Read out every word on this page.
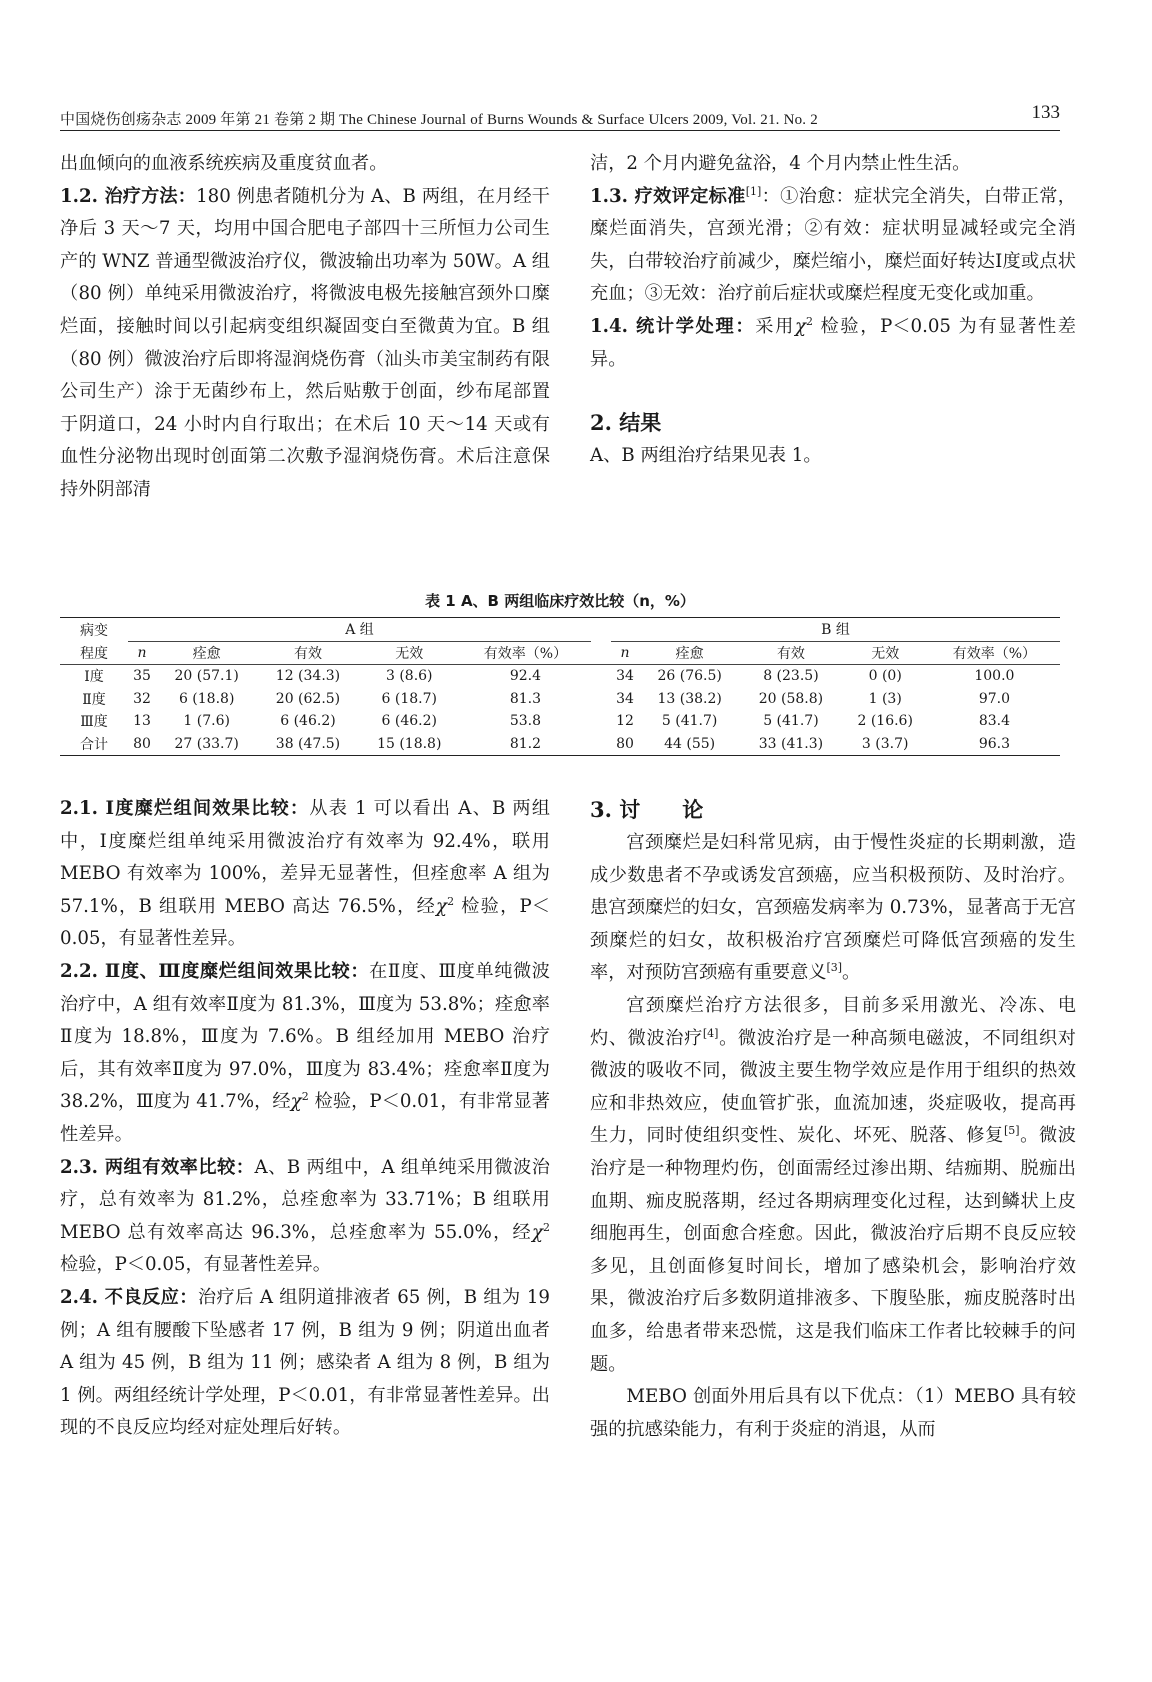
中国烧伤创疡杂志 2009 年第 21 卷第 2 期 The Chinese Journal of Burns Wounds & Surface Ulcers 2009, Vol. 21. No. 2	133

出血倾向的血液系统疾病及重度贫血者。

1.2. 治疗方法：180 例患者随机分为 A、B 两组，在月经干净后 3 天～7 天，均用中国合肥电子部四十三所恒力公司生产的 WNZ 普通型微波治疗仪，微波输出功率为 50W。A 组（80 例）单纯采用微波治疗，将微波电极先接触宫颈外口糜烂面，接触时间以引起病变组织凝固变白至微黄为宜。B 组（80 例）微波治疗后即将湿润烧伤膏（汕头市美宝制药有限公司生产）涂于无菌纱布上，然后贴敷于创面，纱布尾部置于阴道口，24 小时内自行取出；在术后 10 天～14 天或有血性分泌物出现时创面第二次敷予湿润烧伤膏。术后注意保持外阴部清

洁，2 个月内避免盆浴，4 个月内禁止性生活。

1.3. 疗效评定标准[1]：①治愈：症状完全消失，白带正常，糜烂面消失，宫颈光滑；②有效：症状明显减轻或完全消失，白带较治疗前减少，糜烂缩小，糜烂面好转达Ⅰ度或点状充血；③无效：治疗前后症状或糜烂程度无变化或加重。

1.4. 统计学处理：采用$\chi^2$ 检验，P＜0.05 为有显著性差异。

2. 结果

A、B 两组治疗结果见表 1。

表 1 A、B 两组临床疗效比较（n，%）
病变	A 组						B 组				
程度	n	痊愈	有效	无效	有效率（%）		n	痊愈	有效	无效	有效率（%）
Ⅰ度	35	20 (57.1)	12 (34.3)	3 (8.6)	92.4		34	26 (76.5)	8 (23.5)	0 (0)	100.0
Ⅱ度	32	6 (18.8)	20 (62.5)	6 (18.7)	81.3		34	13 (38.2)	20 (58.8)	1 (3)	97.0
Ⅲ度	13	1 (7.6)	6 (46.2)	6 (46.2)	53.8		12	5 (41.7)	5 (41.7)	2 (16.6)	83.4
合计	80	27 (33.7)	38 (47.5)	15 (18.8)	81.2		80	44 (55)	33 (41.3)	3 (3.7)	96.3

2.1. Ⅰ度糜烂组间效果比较：从表 1 可以看出 A、B 两组中，Ⅰ度糜烂组单纯采用微波治疗有效率为 92.4%，联用 MEBO 有效率为 100%，差异无显著性，但痊愈率 A 组为 57.1%，B 组联用 MEBO 高达 76.5%，经$\chi^2$ 检验，P＜0.05，有显著性差异。

2.2. Ⅱ度、Ⅲ度糜烂组间效果比较：在Ⅱ度、Ⅲ度单纯微波治疗中，A 组有效率Ⅱ度为 81.3%，Ⅲ度为 53.8%；痊愈率Ⅱ度为 18.8%，Ⅲ度为 7.6%。B 组经加用 MEBO 治疗后，其有效率Ⅱ度为 97.0%，Ⅲ度为 83.4%；痊愈率Ⅱ度为 38.2%，Ⅲ度为 41.7%，经$\chi^2$ 检验，P＜0.01，有非常显著性差异。

2.3. 两组有效率比较：A、B 两组中，A 组单纯采用微波治疗，总有效率为 81.2%，总痊愈率为 33.71%；B 组联用 MEBO 总有效率高达 96.3%，总痊愈率为 55.0%，经$\chi^2$ 检验，P＜0.05，有显著性差异。

2.4. 不良反应：治疗后 A 组阴道排液者 65 例，B 组为 19 例；A 组有腰酸下坠感者 17 例，B 组为 9 例；阴道出血者 A 组为 45 例，B 组为 11 例；感染者 A 组为 8 例，B 组为 1 例。两组经统计学处理，P＜0.01，有非常显著性差异。出现的不良反应均经对症处理后好转。

3. 讨　　论

宫颈糜烂是妇科常见病，由于慢性炎症的长期刺激，造成少数患者不孕或诱发宫颈癌，应当积极预防、及时治疗。患宫颈糜烂的妇女，宫颈癌发病率为 0.73%，显著高于无宫颈糜烂的妇女，故积极治疗宫颈糜烂可降低宫颈癌的发生率，对预防宫颈癌有重要意义[3]。

宫颈糜烂治疗方法很多，目前多采用激光、冷冻、电灼、微波治疗[4]。微波治疗是一种高频电磁波，不同组织对微波的吸收不同，微波主要生物学效应是作用于组织的热效应和非热效应，使血管扩张，血流加速，炎症吸收，提高再生力，同时使组织变性、炭化、坏死、脱落、修复[5]。微波治疗是一种物理灼伤，创面需经过渗出期、结痂期、脱痂出血期、痂皮脱落期，经过各期病理变化过程，达到鳞状上皮细胞再生，创面愈合痊愈。因此，微波治疗后期不良反应较多见，且创面修复时间长，增加了感染机会，影响治疗效果，微波治疗后多数阴道排液多、下腹坠胀，痂皮脱落时出血多，给患者带来恐慌，这是我们临床工作者比较棘手的问题。

MEBO 创面外用后具有以下优点：（1）MEBO 具有较强的抗感染能力，有利于炎症的消退，从而
